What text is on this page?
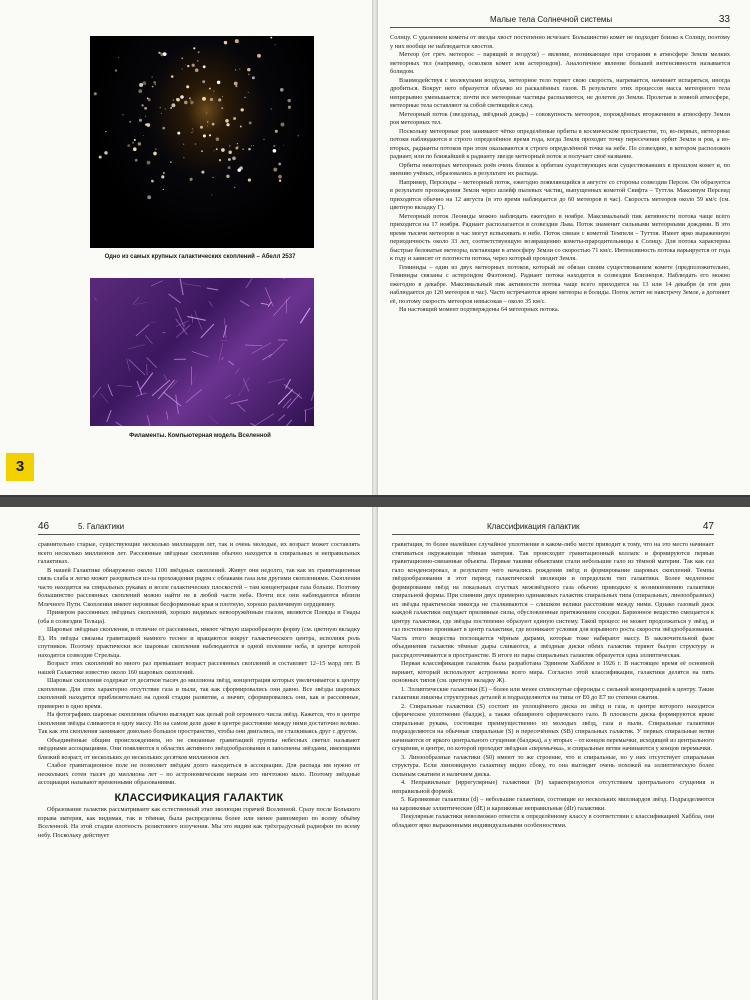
Одно из самых крупных галактических скоплений – Абелл 2537
Филаменты. Компьютерная модель Вселенной
3
Малые тела Солнечной системы	33

Солнцу. С удалением кометы от звезды хвост постепенно исчезает. Большинство комет не подходят близко к Солнцу, поэтому у них вообще не наблюдается хвостов.

Метеор (от греч. метеорос – парящий в воздухе) – явление, возникающее при сгорании в атмосфере Земли мелких метеорных тел (например, осколков комет или астероидов). Аналогичное явление большей интенсивности называется болидом.

Взаимодействуя с молекулами воздуха, метеорное тело теряет свою скорость, нагревается, начинает испаряться, иногда дробиться. Вокруг него образуется облачко из раскалённых газов. В результате этих процессов масса метеорного тела непрерывно уменьшается; почти все метеорные частицы распыляются, не долетев до Земли. Пролетая в земной атмосфере, метеорные тела оставляют за собой светящийся след.

Метеорный поток (звездопад, звёздный дождь) – совокупность метеоров, порождённых вторжением в атмосферу Земли роя метеорных тел.

Поскольку метеорные рои занимают чётко определённые орбиты в космическом пространстве, то, во-первых, метеорные потоки наблюдаются в строго определённое время года, когда Земля проходит точку пересечения орбит Земли и роя, а во-вторых, радианты потоков при этом оказываются в строго определённой точке на небе. По созвездию, в котором расположен радиант, или по ближайшей к радианту звезде метеорный поток и получает своё название.

Орбиты некоторых метеорных роёв очень близки к орбитам существующих или существовавших в прошлом комет и, по мнению учёных, образовались в результате их распада.

Например, Персеиды – метеорный поток, ежегодно появляющийся в августе со стороны созвездия Персея. Он образуется в результате прохождения Земли через шлейф пылевых частиц, выпущенных кометой Свифта – Туттля. Максимум Персеид приходится обычно на 12 августа (в это время наблюдается до 60 метеоров в час). Скорость метеоров около 59 км/с (см. цветную вкладку Г).

Метеорный поток Леониды можно наблюдать ежегодно в ноябре. Максимальный пик активности потока чаще всего приходится на 17 ноября. Радиант располагается в созвездии Льва. Поток знаменит сильными метеорными дождями. В это время тысячи метеоров в час могут вспыхивать в небе. Поток связан с кометой Темпеля – Туттля. Имеет ярко выраженную периодичность около 33 лет, соответствующую возвращению кометы-прародительницы к Солнцу. Для потока характерны быстрые беловатые метеоры, влетающие в атмосферу Земли со скоростью 71 км/с. Интенсивность потока варьируется от года к году и зависит от плотности потока, через который проходит Земля.

Геминиды – один из двух метеорных потоков, который не обязан своим существованием комете (предположительно, Геминиды связаны с астероидом Фаэтоном). Радиант потока находится в созвездии Близнецов. Наблюдать его можно ежегодно в декабре. Максимальный пик активности потока чаще всего приходится на 13 или 14 декабря (в эти дни наблюдается до 120 метеоров в час). Часто встречаются яркие метеоры и болиды. Поток летит не навстречу Земле, а догоняет её, поэтому скорость метеоров невысокая – около 35 км/с.

На настоящий момент подтверждены 64 метеорных потока.

46	5. Галактики

сравнительно старые, существующие несколько миллиардов лет, так и очень молодые, их возраст может составлять всего несколько миллионов лет. Рассеянные звёздные скопления обычно находятся в спиральных и неправильных галактиках.

В нашей Галактике обнаружено около 1100 звёздных скоплений. Живут они недолго, так как их гравитационная связь слаба и легко может разорваться из-за прохождения рядом с облаками газа или другими скоплениями. Скопления часто находятся на спиральных рукавах и возле галактических плоскостей – там концентрация газа больше. Поэтому большинство рассеянных скоплений можно найти не в любой части неба. Почти все они наблюдаются вблизи Млечного Пути. Скопления имеют неровные бесформенные края и плотную, хорошо различимую сердцевину.

Примером рассеянных звёздных скоплений, хорошо видимых невооружённым глазом, являются Плеяды и Гиады (оба в созвездии Тельца).

Шаровые звёздные скопления, в отличие от рассеянных, имеют чёткую шарообразную форму (см. цветную вкладку Е). Их звёзды связаны гравитацией намного теснее и вращаются вокруг галактического центра, исполняя роль спутников. Поэтому практически все шаровые скопления наблюдаются в одной половине неба, в центре которой находится созвездие Стрельца.

Возраст этих скоплений во много раз превышает возраст рассеянных скоплений и составляет 12–15 млрд лет. В нашей Галактике известно около 160 шаровых скоплений.

Шаровые скопления содержат от десятков тысяч до миллиона звёзд, концентрация которых увеличивается к центру скопления. Для этих характерно отсутствие газа и пыли, так как сформировались они давно. Все звёзды шаровых скоплений находятся приблизительно на одной стадии развития, а значит, сформировались они, как и рассеянные, примерно в одно время.

На фотографиях шаровые скопления обычно выглядят как целый рой огромного числа звёзд. Кажется, что в центре скопления звёзды сливаются в одну массу. Но на самом деле даже в центре расстояние между ними достаточно велико. Так как эти скопления занимают довольно большое пространство, чтобы они двигались, не сталкиваясь друг с другом.

Объединённые общим происхождением, но не связанные гравитацией группы небесных светил называют звёздными ассоциациями. Они появляются в областях активного звёздообразования и заполнены звёздами, имеющими близкий возраст, от нескольких до нескольких десятков миллионов лет.

Слабое гравитационное поле не позволяет звёздам долго находиться в ассоциации. Для распада им нужно от нескольких сотен тысяч до миллиона лет – по астрономическим меркам это ничтожно мало. Поэтому звёздные ассоциации называют временными образованиями.

КЛАССИФИКАЦИЯ ГАЛАКТИК

Образование галактик рассматривают как естественный этап эволюции горячей Вселенной. Сразу после Большого взрыва материя, как видимая, так и тёмная, была распределена более или менее равномерно по всему объёму Вселенной. На этой стадии плотность реликтового излучения. Мы это видим как трёхградусный радиофон по всему небу. Поскольку действует

Классификация галактик	47

гравитация, то более малейшее случайное уплотнение в каком-либо месте приводит к тому, что на это место начинает стягиваться окружающая тёмная материя. Так происходит гравитационный коллапс и формируются первые гравитационно-связанные объекты. Первые такими объектами стали небольшие гало из тёмной материи. Так как газ гало конденсировал, в результате чего начались рождения звёзд и формирование шаровых скоплений. Темпы звёздообразования в этот период галактической эволюции и определили тип галактики. Более медленное формирование звёзд на локальных сгустках межзвёздного газа обычно приводило к возникновению галактики спиральной формы. При слиянии двух примерно одинаковых галактик спиральных типа (спиральных, линзообразных) их звёзды практически никогда не сталкиваются – слишком велики расстояния между ними. Однако газовый диск каждой галактики ощущает приливные силы, обусловленные притяжением соседки. Барионное вещество смещается к центру галактики, где звёзды постепенно образуют единую систему. Такой процесс не может продолжаться у звёзд, и газ постепенно проникает в центр галактики, где возникают условия для взрывного роста скорости звёздообразования. Часть этого вещества поглощается чёрным дырами, которые тоже набирают массу. В заключительной фазе объединения галактик тёмные дыры сливаются, а звёздные диски обеих галактик теряют былую структуру и рассредоточиваются в пространстве. В итоге из пары спиральных галактик образуется одна эллиптическая.

Первая классификация галактик была разработана Эдвином Хабблом в 1926 г. В настоящее время её основной вариант, который используют астрономы всего мира. Согласно этой классификации, галактики делятся на пять основных типов (см. цветную вкладку Ж).

1. Эллиптические галактики (E) – более или менее сплюснутые сфероиды с сильной концентрацией к центру. Такие галактики лишены структурных деталей и подразделяются на типы от E0 до E7 по степени сжатия.

2. Спиральные галактики (S) состоят из уплощённого диска из звёзд и газа, в центре которого находится сферическое уплотнение (балдж), а также обширного сферического гало. В плоскости диска формируются яркие спиральные рукава, состоящие преимущественно из молодых звёзд, газа и пыли. Спиральные галактики подразделяются на обычные спиральные (S) и пересечённых (SB) спиральных галактик. У первых спиральные ветви начинаются от яркого центрального сгущения (балджа), а у вторых – от концов перемычки, исходящей из центрального сгущения, в центре, по которой проходит звёздная «перемычка», и спиральные ветви начинаются у концов перемычки.

3. Линзообразные галактики (S0) имеют то же строение, что и спиральные, но у них отсутствует спиральная структура. Если линзовидную галактику видно сбоку, то она выглядит очень похожей на эллиптическую более сильным сжатием и наличием диска.

4. Неправильные (иррегулярные) галактики (Ir) характеризуются отсутствием центрального сгущения и неправильной формой.

5. Карликовые галактики (d) – небольшие галактики, состоящие из нескольких миллиардов звёзд. Подразделяются на карликовые эллиптические (dE) и карликовые неправильные (dIr) галактики.

Пекулярные галактики невозможно отнести к определённому классу в соответствии с классификацией Хаббла, они обладают ярко выраженными индивидуальными особенностями.
